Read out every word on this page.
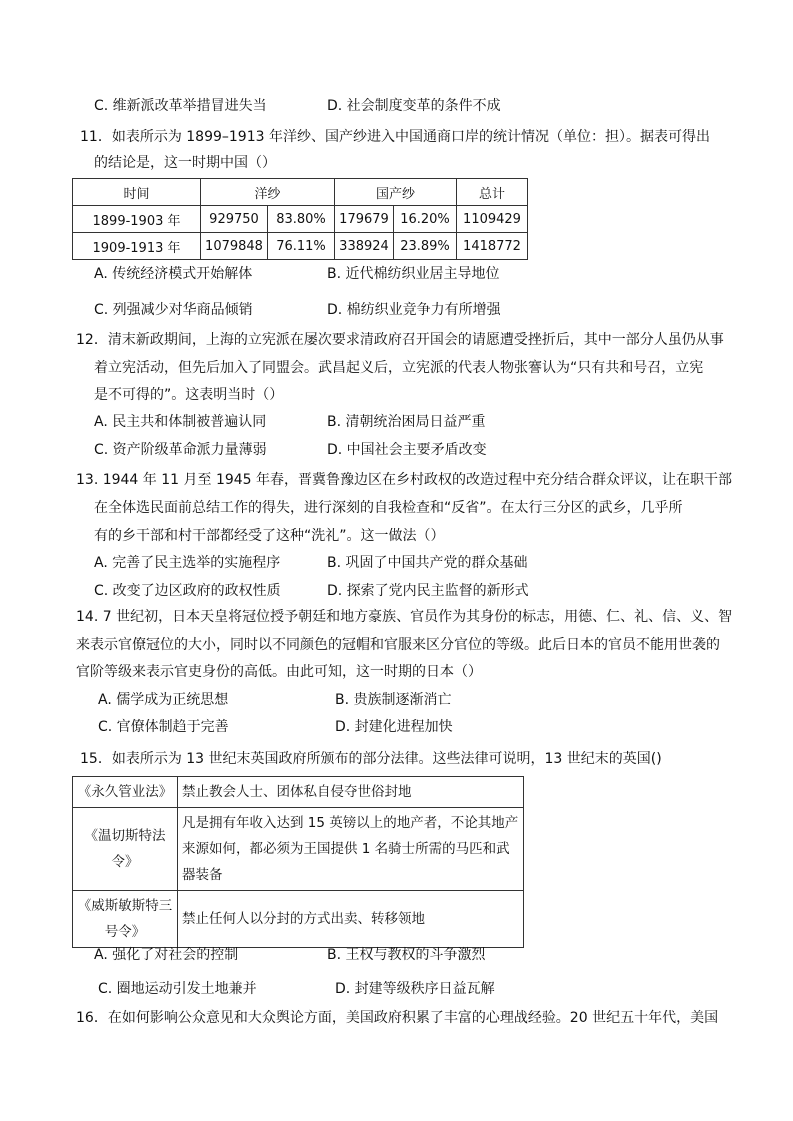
C. 维新派改革举措冒进失当	D. 社会制度变革的条件不成
11．如表所示为 1899–1913 年洋纱、国产纱进入中国通商口岸的统计情况（单位：担）。据表可得出
的结论是，这一时期中国（）
时间	洋纱		国产纱		总计
1899-1903 年	929750	83.80%	179679	16.20%	1109429
1909-1913 年	1079848	76.11%	338924	23.89%	1418772
A. 传统经济模式开始解体	B. 近代棉纺织业居主导地位
C. 列强减少对华商品倾销	D. 棉纺织业竞争力有所增强
12．清末新政期间，上海的立宪派在屡次要求清政府召开国会的请愿遭受挫折后，其中一部分人虽仍从事
着立宪活动，但先后加入了同盟会。武昌起义后，立宪派的代表人物张謇认为“只有共和号召，立宪
是不可得的”。这表明当时（）
A. 民主共和体制被普遍认同	B. 清朝统治困局日益严重
C. 资产阶级革命派力量薄弱	D. 中国社会主要矛盾改变
13. 1944 年 11 月至 1945 年春，晋冀鲁豫边区在乡村政权的改造过程中充分结合群众评议，让在职干部
在全体选民面前总结工作的得失，进行深刻的自我检查和“反省”。在太行三分区的武乡，几乎所
有的乡干部和村干部都经受了这种“洗礼”。这一做法（）
A. 完善了民主选举的实施程序	B. 巩固了中国共产党的群众基础
C. 改变了边区政府的政权性质	D. 探索了党内民主监督的新形式
14. 7 世纪初，日本天皇将冠位授予朝廷和地方豪族、官员作为其身份的标志，用德、仁、礼、信、义、智
来表示官僚冠位的大小，同时以不同颜色的冠帽和官服来区分官位的等级。此后日本的官员不能用世袭的
官阶等级来表示官吏身份的高低。由此可知，这一时期的日本（）
A. 儒学成为正统思想	B. 贵族制逐渐消亡
C. 官僚体制趋于完善	D. 封建化进程加快
15．如表所示为 13 世纪末英国政府所颁布的部分法律。这些法律可说明，13 世纪末的英国()
《永久管业法》	禁止教会人士、团体私自侵夺世俗封地
《温切斯特法令》	凡是拥有年收入达到 15 英镑以上的地产者，不论其地产来源如何，都必须为王国提供 1 名骑士所需的马匹和武器装备
《威斯敏斯特三号令》	禁止任何人以分封的方式出卖、转移领地
A. 强化了对社会的控制	B. 王权与教权的斗争激烈
C. 圈地运动引发土地兼并	D. 封建等级秩序日益瓦解
16．在如何影响公众意见和大众舆论方面，美国政府积累了丰富的心理战经验。20 世纪五十年代，美国
